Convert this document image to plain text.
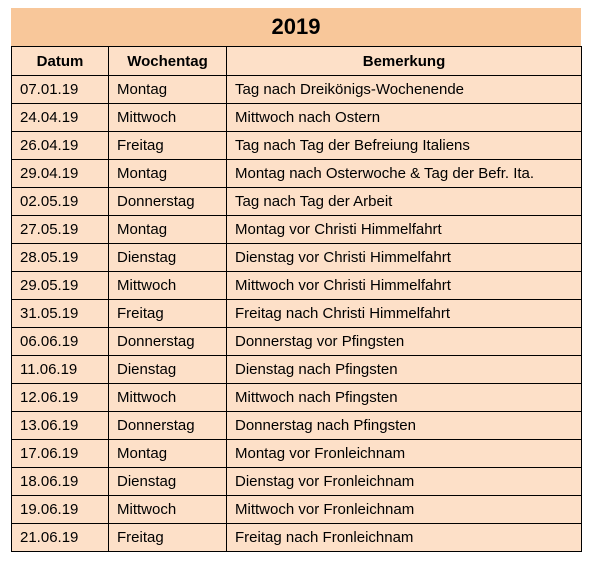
2019
Datum	Wochentag	Bemerkung
07.01.19	Montag	Tag nach Dreikönigs-Wochenende
24.04.19	Mittwoch	Mittwoch nach Ostern
26.04.19	Freitag	Tag nach Tag der Befreiung Italiens
29.04.19	Montag	Montag nach Osterwoche & Tag der Befr. Ita.
02.05.19	Donnerstag	Tag nach Tag der Arbeit
27.05.19	Montag	Montag vor Christi Himmelfahrt
28.05.19	Dienstag	Dienstag vor Christi Himmelfahrt
29.05.19	Mittwoch	Mittwoch vor Christi Himmelfahrt
31.05.19	Freitag	Freitag nach Christi Himmelfahrt
06.06.19	Donnerstag	Donnerstag vor Pfingsten
11.06.19	Dienstag	Dienstag nach Pfingsten
12.06.19	Mittwoch	Mittwoch nach Pfingsten
13.06.19	Donnerstag	Donnerstag nach Pfingsten
17.06.19	Montag	Montag vor Fronleichnam
18.06.19	Dienstag	Dienstag vor Fronleichnam
19.06.19	Mittwoch	Mittwoch vor Fronleichnam
21.06.19	Freitag	Freitag nach Fronleichnam
